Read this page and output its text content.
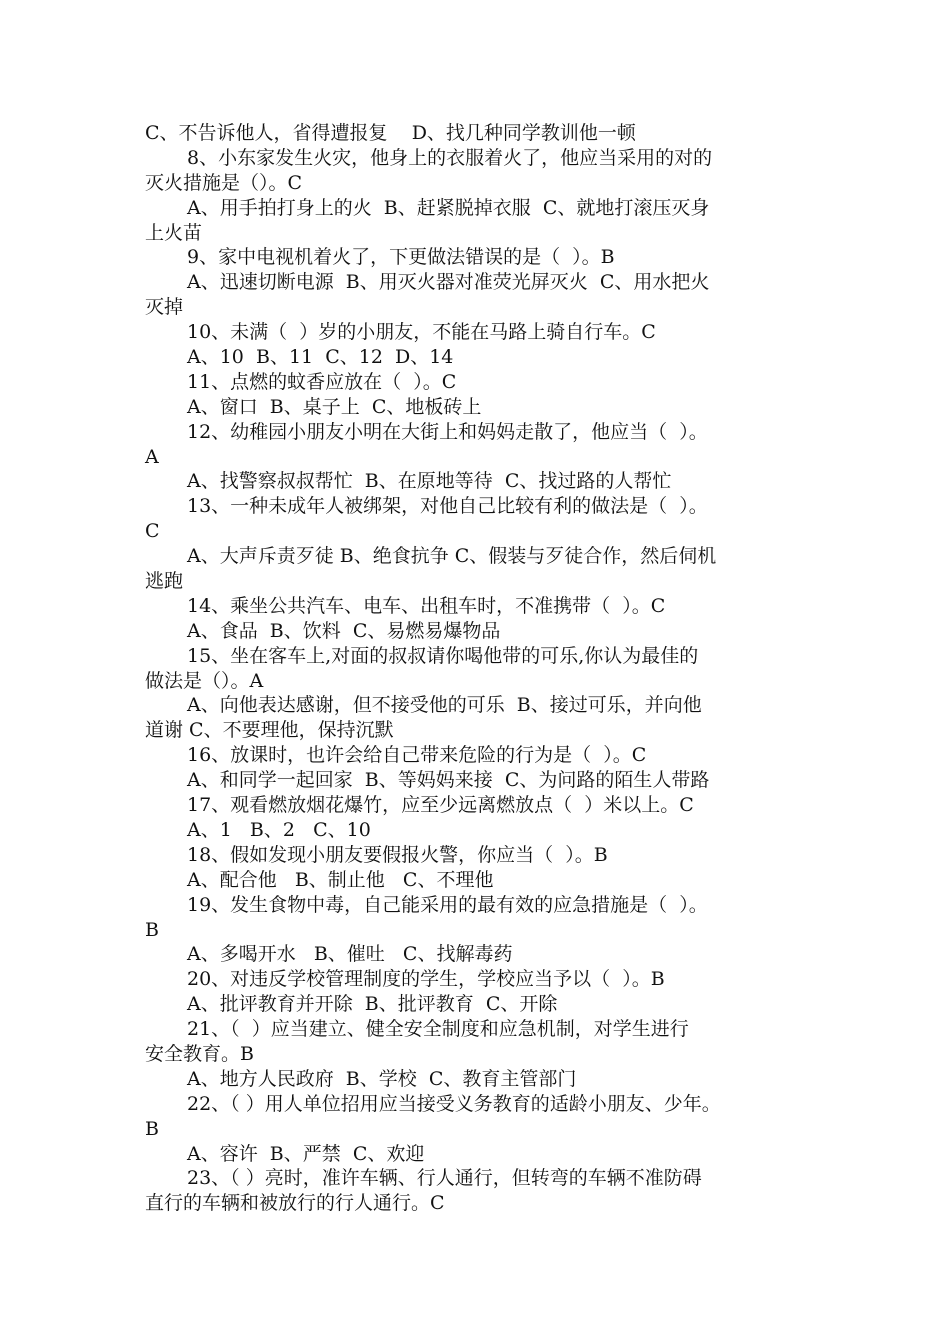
C、不告诉他人，省得遭报复    D、找几种同学教训他一顿
8、小东家发生火灾，他身上的衣服着火了，他应当采用的对的
灭火措施是（）。C
A、用手拍打身上的火  B、赶紧脱掉衣服  C、就地打滚压灭身
上火苗
9、家中电视机着火了，下更做法错误的是（  ）。B
A、迅速切断电源  B、用灭火器对准荧光屏灭火  C、用水把火
灭掉
10、未满（  ）岁的小朋友，不能在马路上骑自行车。C
A、10  B、11  C、12  D、14
11、点燃的蚊香应放在（  ）。C
A、窗口  B、桌子上  C、地板砖上
12、幼稚园小朋友小明在大街上和妈妈走散了，他应当（  ）。
A
A、找警察叔叔帮忙  B、在原地等待  C、找过路的人帮忙
13、一种未成年人被绑架，对他自己比较有利的做法是（  ）。
C
A、大声斥责歹徒 B、绝食抗争 C、假装与歹徒合作，然后伺机
逃跑
14、乘坐公共汽车、电车、出租车时，不准携带（  ）。C
A、食品  B、饮料  C、易燃易爆物品
15、坐在客车上,对面的叔叔请你喝他带的可乐,你认为最佳的
做法是（）。A
A、向他表达感谢，但不接受他的可乐  B、接过可乐，并向他
道谢 C、不要理他，保持沉默
16、放课时，也许会给自己带来危险的行为是（  ）。C
A、和同学一起回家  B、等妈妈来接  C、为问路的陌生人带路
17、观看燃放烟花爆竹，应至少远离燃放点（  ）米以上。C
A、1   B、2   C、10
18、假如发现小朋友要假报火警，你应当（  ）。B
A、配合他   B、制止他   C、不理他
19、发生食物中毒，自己能采用的最有效的应急措施是（  ）。
B
A、多喝开水   B、催吐   C、找解毒药
20、对违反学校管理制度的学生，学校应当予以（  ）。B
A、批评教育并开除  B、批评教育  C、开除
21、（  ）应当建立、健全安全制度和应急机制，对学生进行
安全教育。B
A、地方人民政府  B、学校  C、教育主管部门
22、（ ）用人单位招用应当接受义务教育的适龄小朋友、少年。
B
A、容许  B、严禁  C、欢迎
23、（ ）亮时，准许车辆、行人通行，但转弯的车辆不准防碍
直行的车辆和被放行的行人通行。C
